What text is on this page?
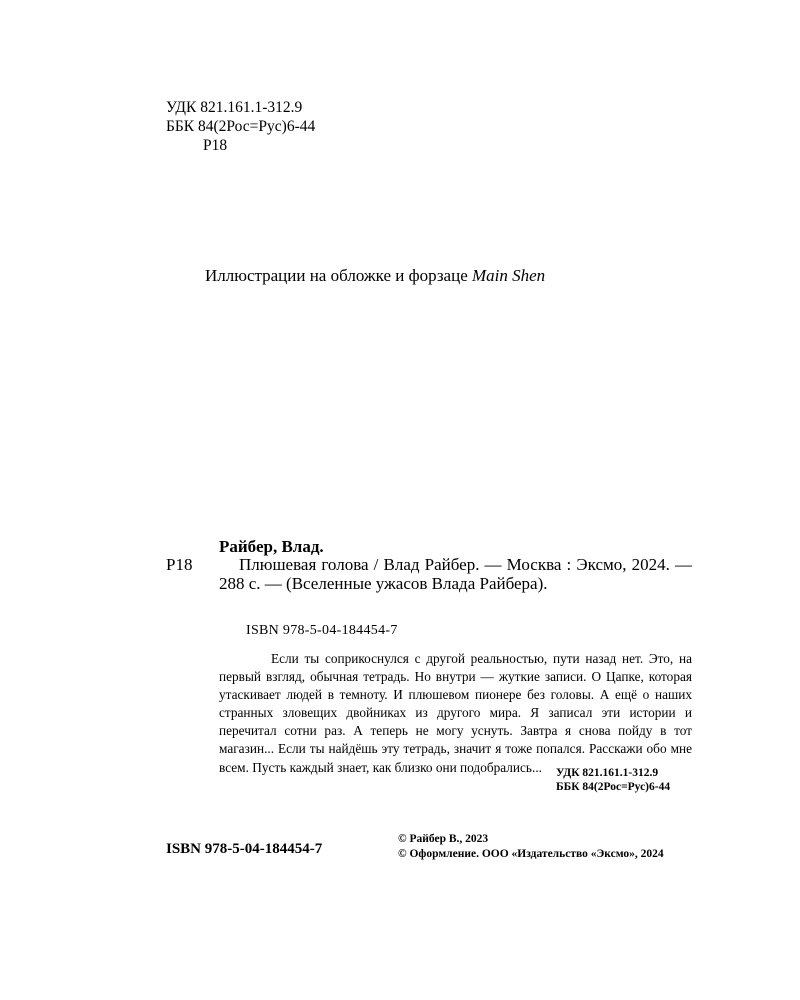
УДК 821.161.1-312.9
ББК 84(2Рос=Рус)6-44
Р18
Иллюстрации на обложке и форзаце Main Shen
Райбер, Влад.
Р18	Плюшевая голова / Влад Райбер. — Москва : Эксмо, 2024. — 288 с. — (Вселенные ужасов Влада Райбера).
ISBN 978-5-04-184454-7
Если ты соприкоснулся с другой реальностью, пути назад нет. Это, на первый взгляд, обычная тетрадь. Но внутри — жуткие записи. О Цапке, которая утаскивает людей в темноту. И плюшевом пионере без головы. А ещё о наших странных зловещих двойниках из другого мира. Я записал эти истории и перечитал сотни раз. А теперь не могу уснуть. Завтра я снова пойду в тот магазин... Если ты найдёшь эту тетрадь, значит я тоже попался. Расскажи обо мне всем. Пусть каждый знает, как близко они подобрались...	УДК 821.161.1-312.9
ББК 84(2Рос=Рус)6-44
ISBN 978-5-04-184454-7
© Райбер В., 2023
© Оформление. ООО «Издательство «Эксмо», 2024
